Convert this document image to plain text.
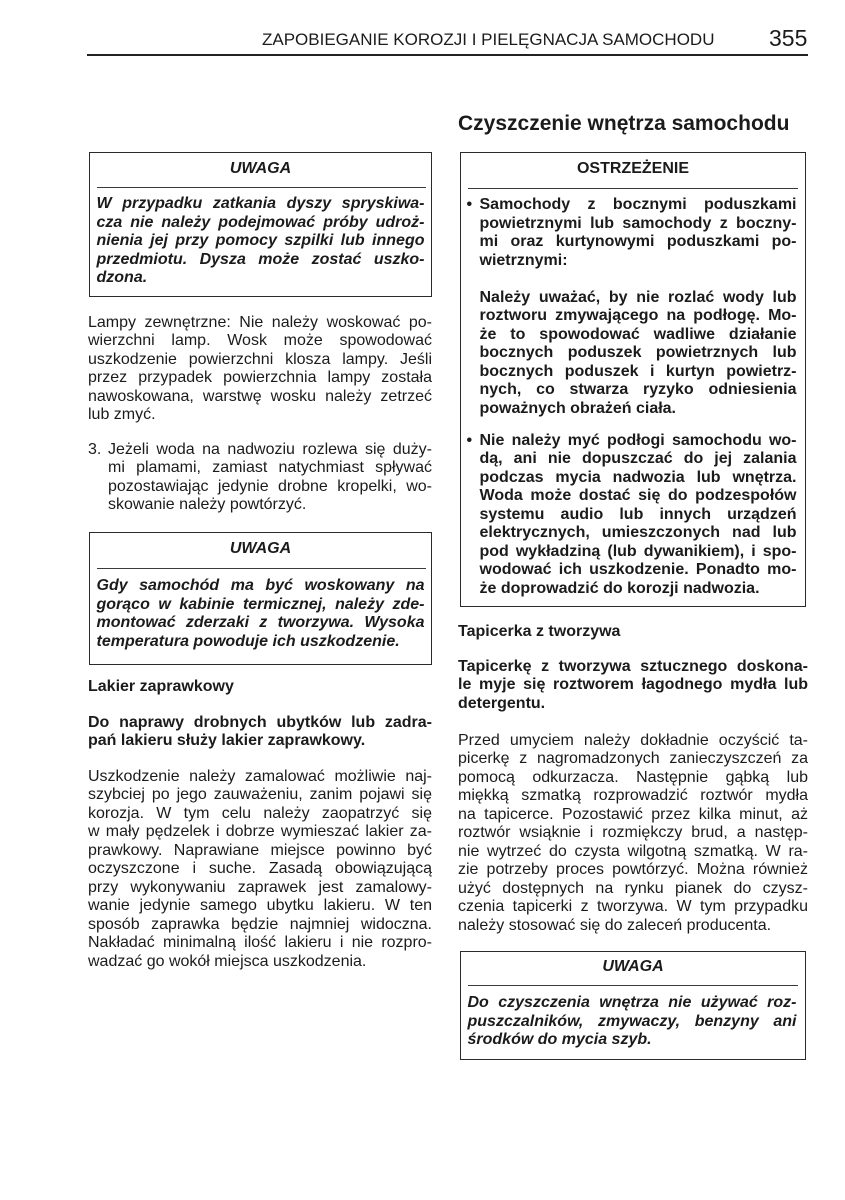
ZAPOBIEGANIE KOROZJI I PIELĘGNACJA SAMOCHODU 355
UWAGA
W przypadku zatkania dyszy spryskiwa-
cza nie należy podejmować próby udroż-
nienia jej przy pomocy szpilki lub innego
przedmiotu. Dysza może zostać uszko-
dzona.
Lampy zewnętrzne: Nie należy woskować po-
wierzchni lamp. Wosk może spowodować
uszkodzenie powierzchni klosza lampy. Jeśli
przez przypadek powierzchnia lampy została
nawoskowana, warstwę wosku należy zetrzeć
lub zmyć.
3. Jeżeli woda na nadwoziu rozlewa się duży-
mi plamami, zamiast natychmiast spływać
pozostawiając jedynie drobne kropelki, wo-
skowanie należy powtórzyć.
UWAGA
Gdy samochód ma być woskowany na
gorąco w kabinie termicznej, należy zde-
montować zderzaki z tworzywa. Wysoka
temperatura powoduje ich uszkodzenie.
Lakier zaprawkowy
Do naprawy drobnych ubytków lub zadra-
pań lakieru służy lakier zaprawkowy.
Uszkodzenie należy zamalować możliwie naj-
szybciej po jego zauważeniu, zanim pojawi się
korozja. W tym celu należy zaopatrzyć się
w mały pędzelek i dobrze wymieszać lakier za-
prawkowy. Naprawiane miejsce powinno być
oczyszczone i suche. Zasadą obowiązującą
przy wykonywaniu zaprawek jest zamalowy-
wanie jedynie samego ubytku lakieru. W ten
sposób zaprawka będzie najmniej widoczna.
Nakładać minimalną ilość lakieru i nie rozpro-
wadzać go wokół miejsca uszkodzenia.
Czyszczenie wnętrza samochodu
OSTRZEŻENIE
• Samochody z bocznymi poduszkami
powietrznymi lub samochody z boczny-
mi oraz kurtynowymi poduszkami po-
wietrznymi:
Należy uważać, by nie rozlać wody lub
roztworu zmywającego na podłogę. Mo-
że to spowodować wadliwe działanie
bocznych poduszek powietrznych lub
bocznych poduszek i kurtyn powietrz-
nych, co stwarza ryzyko odniesienia
poważnych obrażeń ciała.
• Nie należy myć podłogi samochodu wo-
dą, ani nie dopuszczać do jej zalania
podczas mycia nadwozia lub wnętrza.
Woda może dostać się do podzespołów
systemu audio lub innych urządzeń
elektrycznych, umieszczonych nad lub
pod wykładziną (lub dywanikiem), i spo-
wodować ich uszkodzenie. Ponadto mo-
że doprowadzić do korozji nadwozia.
Tapicerka z tworzywa
Tapicerkę z tworzywa sztucznego doskona-
le myje się roztworem łagodnego mydła lub
detergentu.
Przed umyciem należy dokładnie oczyścić ta-
picerkę z nagromadzonych zanieczyszczeń za
pomocą odkurzacza. Następnie gąbką lub
miękką szmatką rozprowadzić roztwór mydła
na tapicerce. Pozostawić przez kilka minut, aż
roztwór wsiąknie i rozmiękczy brud, a następ-
nie wytrzeć do czysta wilgotną szmatką. W ra-
zie potrzeby proces powtórzyć. Można również
użyć dostępnych na rynku pianek do czysz-
czenia tapicerki z tworzywa. W tym przypadku
należy stosować się do zaleceń producenta.
UWAGA
Do czyszczenia wnętrza nie używać roz-
puszczalników, zmywaczy, benzyny ani
środków do mycia szyb.
